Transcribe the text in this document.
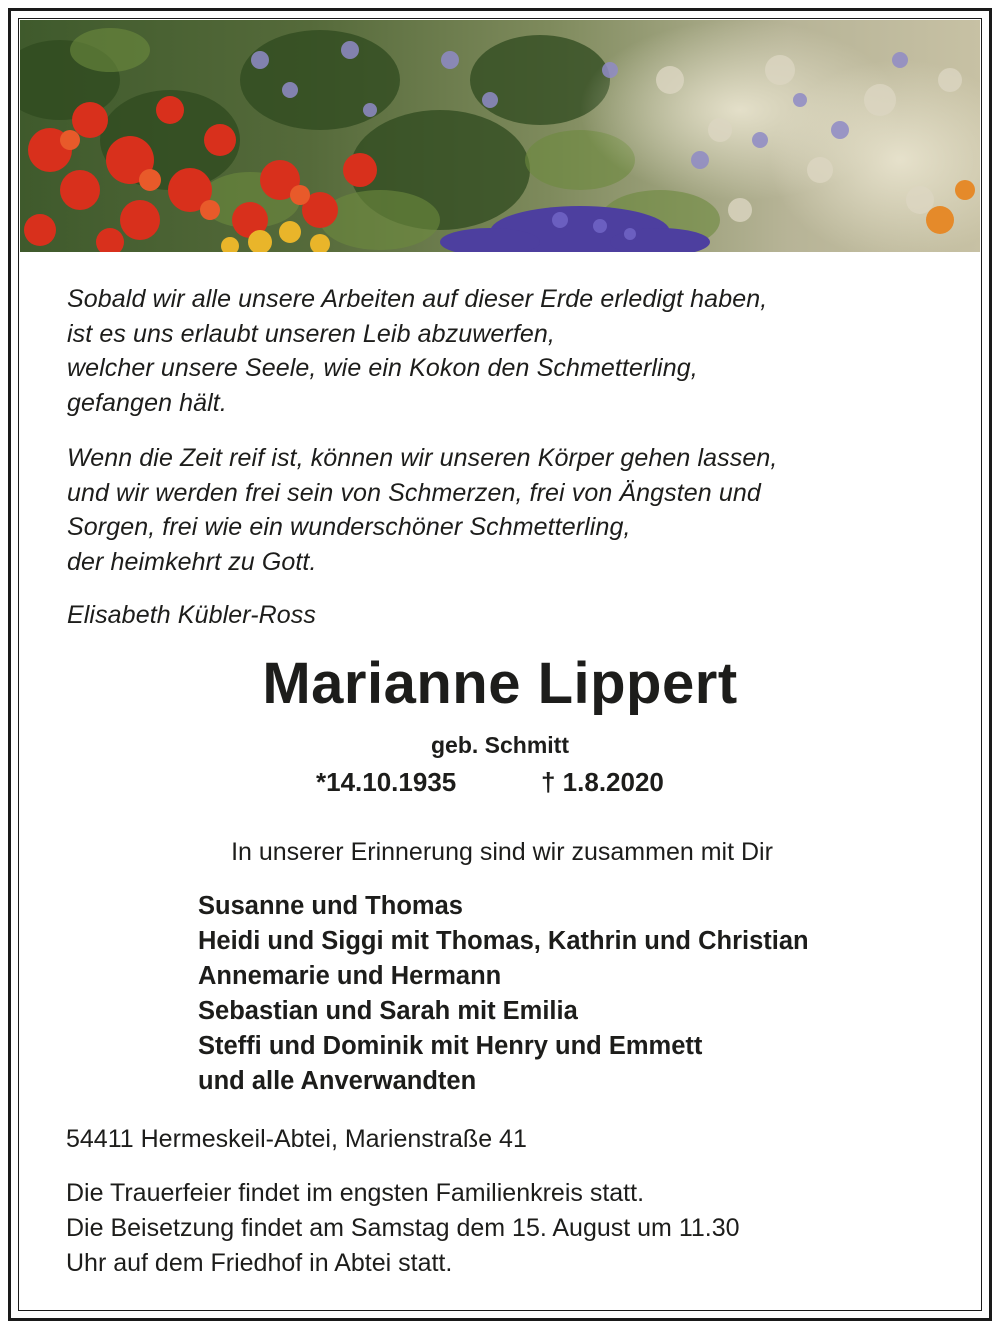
Sobald wir alle unsere Arbeiten auf dieser Erde erledigt haben,
ist es uns erlaubt unseren Leib abzuwerfen,
welcher unsere Seele, wie ein Kokon den Schmetterling,
gefangen hält.

Wenn die Zeit reif ist, können wir unseren Körper gehen lassen,
und wir werden frei sein von Schmerzen, frei von Ängsten und
Sorgen, frei wie ein wunderschöner Schmetterling,
der heimkehrt zu Gott.

Elisabeth Kübler-Ross

Marianne Lippert
geb. Schmitt
*14.10.1935	† 1.8.2020
In unserer Erinnerung sind wir zusammen mit Dir
Susanne und Thomas
Heidi und Siggi mit Thomas, Kathrin und Christian
Annemarie und Hermann
Sebastian und Sarah mit Emilia
Steffi und Dominik mit Henry und Emmett
und alle Anverwandten
54411 Hermeskeil-Abtei, Marienstraße 41
Die Trauerfeier findet im engsten Familienkreis statt.
Die Beisetzung findet am Samstag dem 15. August um 11.30
Uhr auf dem Friedhof in Abtei statt.
